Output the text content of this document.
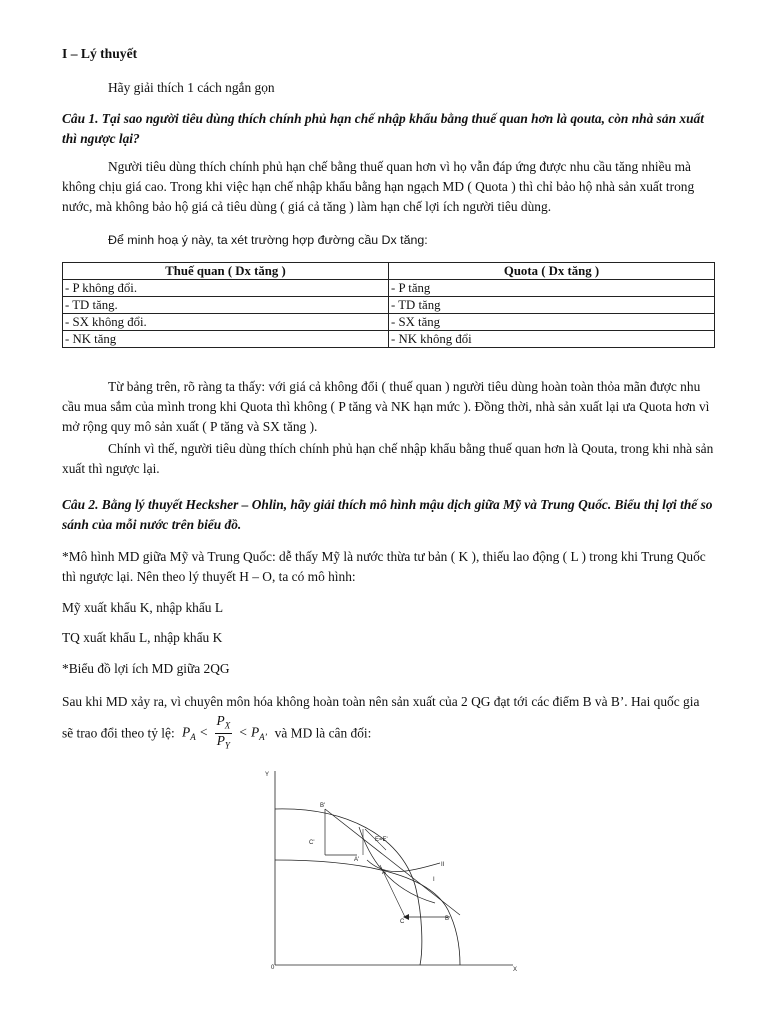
I – Lý thuyết

Hãy giải thích 1 cách ngắn gọn

Câu 1. Tại sao người tiêu dùng thích chính phủ hạn chế nhập khẩu bằng thuế quan hơn là qouta, còn nhà sản xuất thì ngược lại?

Người tiêu dùng thích chính phủ hạn chế bằng thuế quan hơn vì họ vẫn đáp ứng được nhu cầu tăng nhiều mà không chịu giá cao. Trong khi việc hạn chế nhập khẩu bằng hạn ngạch MD ( Quota ) thì chỉ bảo hộ nhà sản xuất trong nước, mà không bảo hộ giá cả tiêu dùng ( giá cả tăng ) làm hạn chế lợi ích người tiêu dùng.

Để minh hoạ ý này, ta xét trường hợp đường cầu Dx tăng:

Thuế quan ( Dx tăng )	Quota ( Dx tăng )
- P không đổi.	- P tăng
- TD tăng.	- TD tăng
- SX không đổi.	- SX tăng
- NK tăng	- NK không đổi

Từ bảng trên, rõ ràng ta thấy: với giá cả không đổi ( thuế quan ) người tiêu dùng hoàn toàn thỏa mãn được nhu cầu mua sắm của mình trong khi Quota thì không ( P tăng và NK hạn mức ). Đồng thời, nhà sản xuất lại ưa Quota hơn vì mở rộng quy mô sản xuất ( P tăng và SX tăng ).

Chính vì thế, người tiêu dùng thích chính phủ hạn chế nhập khẩu bằng thuế quan hơn là Qouta, trong khi nhà sản xuất thì ngược lại.

Câu 2. Bằng lý thuyết Hecksher – Ohlin, hãy giải thích mô hình mậu dịch giữa Mỹ và Trung Quốc. Biểu thị lợi thế so sánh của mỗi nước trên biểu đồ.

*Mô hình MD giữa Mỹ và Trung Quốc: dễ thấy Mỹ là nước thừa tư bản ( K ), thiếu lao động ( L ) trong khi Trung Quốc thì ngược lại. Nên theo lý thuyết H – O, ta có mô hình:

Mỹ xuất khẩu K, nhập khẩu L

TQ xuất khẩu L, nhập khẩu K

*Biểu đồ lợi ích MD giữa 2QG

Sau khi MD xảy ra, vì chuyên môn hóa không hoàn toàn nên sản xuất của 2 QG đạt tới các điểm B và B’. Hai quốc gia

sẽ trao đổi theo tỷ lệ: $P_A < \frac{P_X}{P_Y} < P_{A’}$ và MD là cân đối:
Y
X
0
B'
C'
A'
E=E'
A
C	B
II
I
